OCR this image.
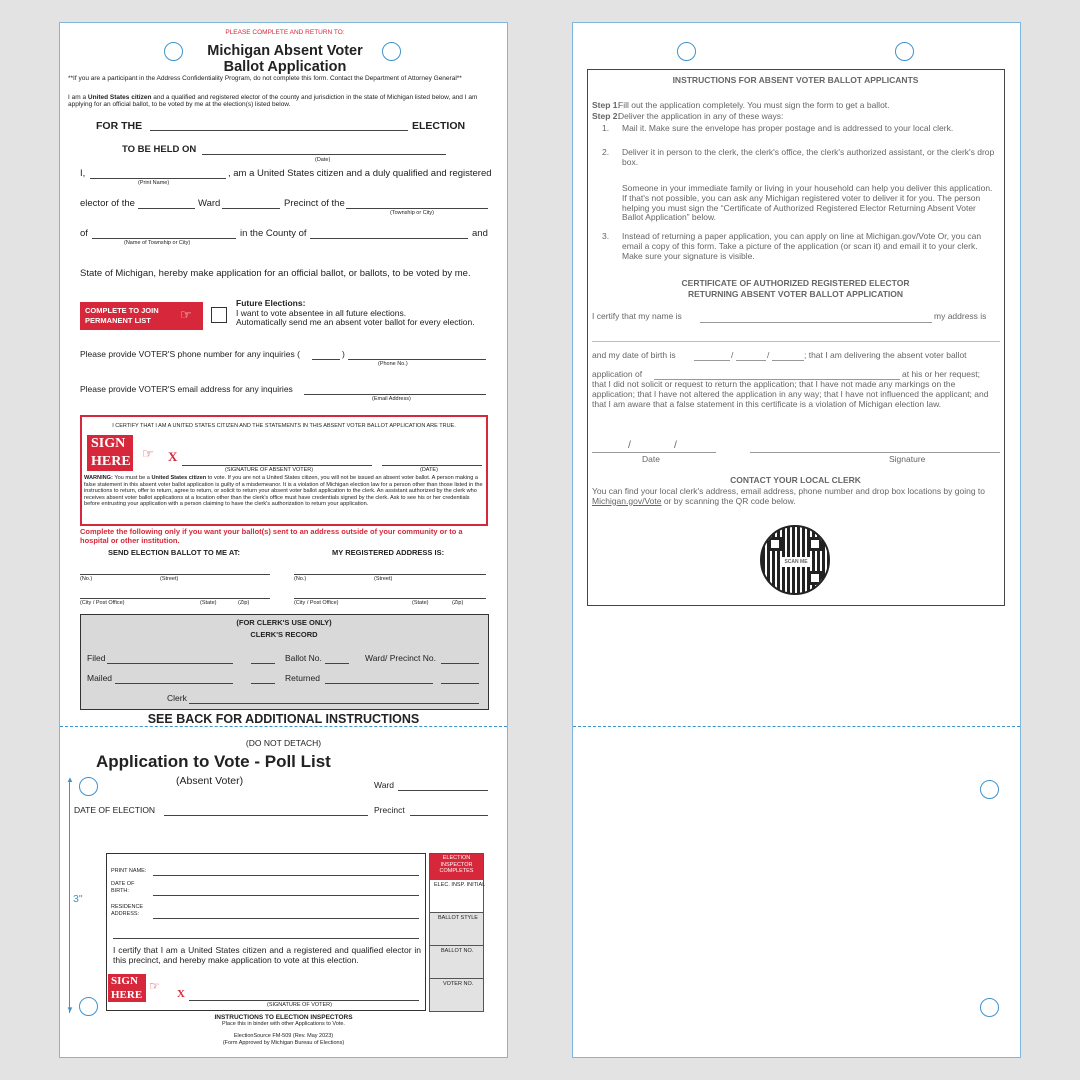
PLEASE COMPLETE AND RETURN TO:
Michigan Absent Voter
Ballot Application
**If you are a participant in the Address Confidentiality Program, do not complete this form. Contact the Department of Attorney General**
I am a United States citizen and a qualified and registered elector of the county and jurisdiction in the state of Michigan listed below, and I am applying for an official ballot, to be voted by me at the election(s) listed below.
FOR THE	ELECTION
TO BE HELD ON
(Date)
I,	, am a United States citizen and a duly qualified and registered
(Print Name)
elector of the	Ward	Precinct of the
(Township or City)
of	in the County of	and
(Name of Township or City)
State of Michigan, hereby make application for an official ballot, or ballots, to be voted by me.
COMPLETE TO JOIN
PERMANENT LIST ☞
Future Elections:
I want to vote absentee in all future elections.
Automatically send me an absent voter ballot for every election.
Please provide VOTER'S phone number for any inquiries (	)
(Phone No.)
Please provide VOTER'S email address for any inquiries
(Email Address)
I CERTIFY THAT I AM A UNITED STATES CITIZEN AND THE STATEMENTS IN THIS ABSENT VOTER BALLOT APPLICATION ARE TRUE.
SIGN
HERE
☞ X
(SIGNATURE OF ABSENT VOTER)	(DATE)
WARNING: You must be a United States citizen to vote. If you are not a United States citizen, you will not be issued an absent voter ballot. A person making a false statement in this absent voter ballot application is guilty of a misdemeanor. It is a violation of Michigan election law for a person other than those listed in the instructions to return, offer to return, agree to return, or solicit to return your absent voter ballot application to the clerk. An assistant authorized by the clerk who receives absent voter ballot applications at a location other than the clerk's office must have credentials signed by the clerk. Ask to see his or her credentials before entrusting your application with a person claiming to have the clerk's authorization to return your application.
Complete the following only if you want your ballot(s) sent to an address outside of your community or to a hospital or other institution.
SEND ELECTION BALLOT TO ME AT:	MY REGISTERED ADDRESS IS:
(No.)	(Street)	(No.)	(Street)
(City / Post Office)	(State)	(Zip)	(City / Post Office)	(State)	(Zip)
(FOR CLERK'S USE ONLY)
CLERK'S RECORD
Filed	Ballot No.	Ward/ Precinct No.
Mailed	Returned
Clerk
SEE BACK FOR ADDITIONAL INSTRUCTIONS
(DO NOT DETACH)
Application to Vote - Poll List
(Absent Voter)	Ward
DATE OF ELECTION	Precinct
▲
▼
3"
PRINT NAME:
DATE OF
BIRTH:
RESIDENCE
ADDRESS:
I certify that I am a United States citizen and a registered and qualified elector in this precinct, and hereby make application to vote at this election.
SIGN
HERE
☞
X
(SIGNATURE OF VOTER)
ELECTION INSPECTOR COMPLETES
ELEC. INSP. INITIAL
BALLOT STYLE
BALLOT NO.
VOTER NO.
INSTRUCTIONS TO ELECTION INSPECTORS
Place this in binder with other Applications to Vote.
ElectionSource FM-509 (Rev. May 2023)
(Form Approved by Michigan Bureau of Elections)
INSTRUCTIONS FOR ABSENT VOTER BALLOT APPLICANTS
Step 1:
Fill out the application completely. You must sign the form to get a ballot.
Step 2:
Deliver the application in any of these ways:
1. Mail it. Make sure the envelope has proper postage and is addressed to your local clerk.
2. Deliver it in person to the clerk, the clerk's office, the clerk's authorized assistant, or the clerk's drop box.
Someone in your immediate family or living in your household can help you deliver this application. If that's not possible, you can ask any Michigan registered voter to deliver it for you. The person helping you must sign the “Certificate of Authorized Registered Elector Returning Absent Voter Ballot Application” below.
3. Instead of returning a paper application, you can apply on line at Michigan.gov/Vote Or, you can email a copy of this form. Take a picture of the application (or scan it) and email it to your clerk. Make sure your signature is visible.
CERTIFICATE OF AUTHORIZED REGISTERED ELECTOR
RETURNING ABSENT VOTER BALLOT APPLICATION
I certify that my name is	my address is
and my date of birth is	/	/	; that I am delivering the absent voter ballot
application of	at his or her request;
that I did not solicit or request to return the application; that I have not made any markings on the application; that I have not altered the application in any way; that I have not influenced the applicant; and that I am aware that a false statement in this certificate is a violation of Michigan election law.
/	/
Date	Signature
CONTACT YOUR LOCAL CLERK
You can find your local clerk's address, email address, phone number and drop box locations by going to Michigan.gov/Vote or by scanning the QR code below.
SCAN ME
